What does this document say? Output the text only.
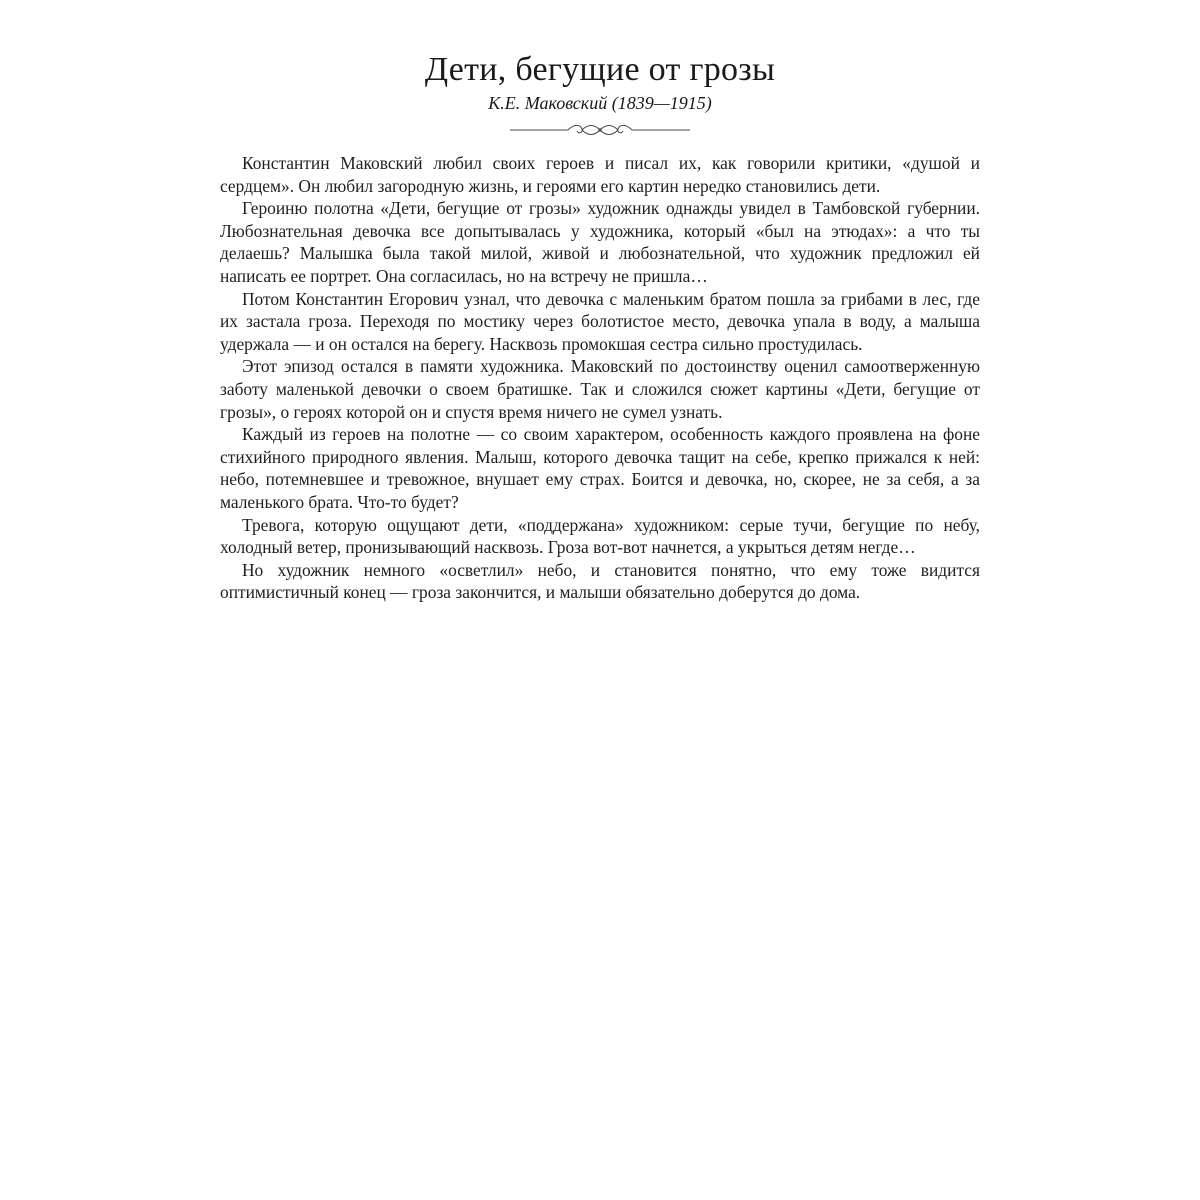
Дети, бегущие от грозы
К.Е. Маковский (1839—1915)

Константин Маковский любил своих героев и писал их, как говорили критики, «душой и сердцем». Он любил загородную жизнь, и героями его картин нередко становились дети.

Героиню полотна «Дети, бегущие от грозы» художник однажды увидел в Тамбовской губернии. Любознательная девочка все допытывалась у художника, который «был на этюдах»: а что ты делаешь? Малышка была такой милой, живой и любознательной, что художник предложил ей написать ее портрет. Она согласилась, но на встречу не пришла…

Потом Константин Егорович узнал, что девочка с маленьким братом пошла за грибами в лес, где их застала гроза. Переходя по мостику через болотистое место, девочка упала в воду, а малыша удержала — и он остался на берегу. Насквозь промокшая сестра сильно простудилась.

Этот эпизод остался в памяти художника. Маковский по достоинству оценил самоотверженную заботу маленькой девочки о своем братишке. Так и сложился сюжет картины «Дети, бегущие от грозы», о героях которой он и спустя время ничего не сумел узнать.

Каждый из героев на полотне — со своим характером, особенность каждого проявлена на фоне стихийного природного явления. Малыш, которого девочка тащит на себе, крепко прижался к ней: небо, потемневшее и тревожное, внушает ему страх. Боится и девочка, но, скорее, не за себя, а за маленького брата. Что-то будет?

Тревога, которую ощущают дети, «поддержана» художником: серые тучи, бегущие по небу, холодный ветер, пронизывающий насквозь. Гроза вот-вот начнется, а укрыться детям негде…

Но художник немного «осветлил» небо, и становится понятно, что ему тоже видится оптимистичный конец — гроза закончится, и малыши обязательно доберутся до дома.
